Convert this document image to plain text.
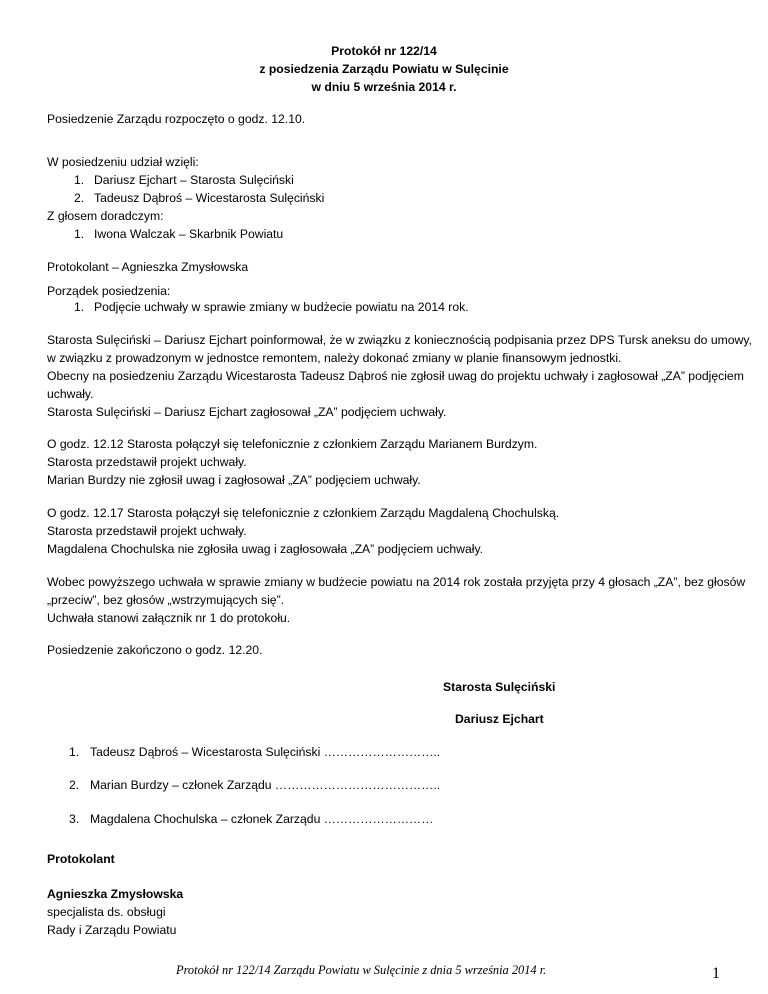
Protokół nr 122/14
z posiedzenia Zarządu Powiatu w Sulęcinie
w dniu 5 września 2014 r.
Posiedzenie Zarządu rozpoczęto o godz. 12.10.
W posiedzeniu udział wzięli:
1. Dariusz Ejchart – Starosta Sulęciński
2. Tadeusz Dąbroś – Wicestarosta Sulęciński
Z głosem doradczym:
1. Iwona Walczak – Skarbnik Powiatu
Protokolant – Agnieszka Zmysłowska
Porządek posiedzenia:
1. Podjęcie uchwały w sprawie zmiany w budżecie powiatu na 2014 rok.
Starosta Sulęciński – Dariusz Ejchart poinformował, że w związku z koniecznością podpisania przez DPS Tursk aneksu do umowy,
w związku z prowadzonym w jednostce remontem, należy dokonać zmiany w planie finansowym jednostki.
Obecny na posiedzeniu Zarządu Wicestarosta Tadeusz Dąbroś nie zgłosił uwag do projektu uchwały i zagłosował „ZA” podjęciem
uchwały.
Starosta Sulęciński – Dariusz Ejchart zagłosował „ZA” podjęciem uchwały.
O godz. 12.12 Starosta połączył się telefonicznie z członkiem Zarządu Marianem Burdzym.
Starosta przedstawił projekt uchwały.
Marian Burdzy nie zgłosił uwag i zagłosował „ZA” podjęciem uchwały.
O godz. 12.17 Starosta połączył się telefonicznie z członkiem Zarządu Magdaleną Chochulską.
Starosta przedstawił projekt uchwały.
Magdalena Chochulska nie zgłosiła uwag i zagłosowała „ZA” podjęciem uchwały.
Wobec powyższego uchwała w sprawie zmiany w budżecie powiatu na 2014 rok została przyjęta przy 4 głosach „ZA”, bez głosów
„przeciw”, bez głosów „wstrzymujących się”.
Uchwała stanowi załącznik nr 1 do protokołu.
Posiedzenie zakończono o godz. 12.20.
Starosta Sulęciński
Dariusz Ejchart
1. Tadeusz Dąbroś – Wicestarosta Sulęciński ………………………..
2. Marian Burdzy – członek Zarządu …………………………………..
3. Magdalena Chochulska – członek Zarządu ………………………
Protokolant
Agnieszka Zmysłowska
specjalista ds. obsługi
Rady i Zarządu Powiatu
Protokół nr 122/14 Zarządu Powiatu w Sulęcinie z dnia 5 września 2014 r.	1
